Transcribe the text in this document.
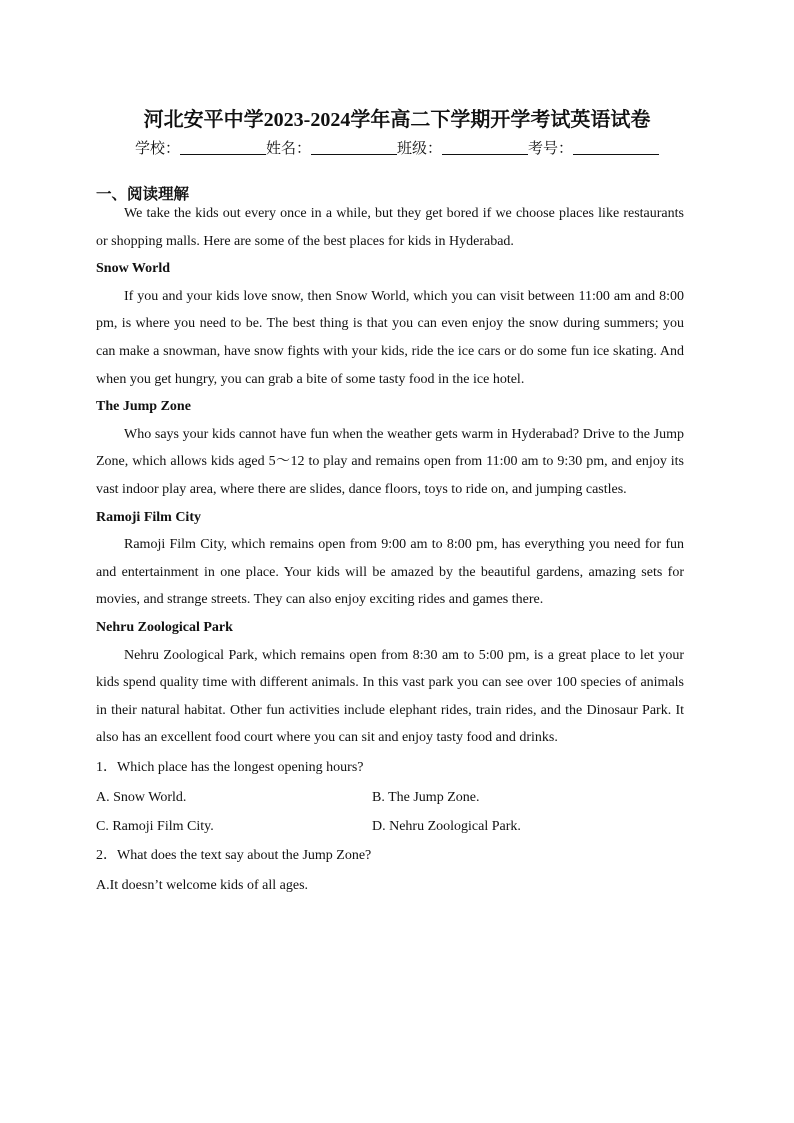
河北安平中学2023-2024学年高二下学期开学考试英语试卷
学校：	姓名：	班级：	考号：
一、阅读理解

We take the kids out every once in a while, but they get bored if we choose places like restaurants or shopping malls. Here are some of the best places for kids in Hyderabad.

Snow World

If you and your kids love snow, then Snow World, which you can visit between 11:00 am and 8:00 pm, is where you need to be. The best thing is that you can even enjoy the snow during summers; you can make a snowman, have snow fights with your kids, ride the ice cars or do some fun ice skating. And when you get hungry, you can grab a bite of some tasty food in the ice hotel.

The Jump Zone

Who says your kids cannot have fun when the weather gets warm in Hyderabad? Drive to the Jump Zone, which allows kids aged 5～12 to play and remains open from 11:00 am to 9:30 pm, and enjoy its vast indoor play area, where there are slides, dance floors, toys to ride on, and jumping castles.

Ramoji Film City

Ramoji Film City, which remains open from 9:00 am to 8:00 pm, has everything you need for fun and entertainment in one place. Your kids will be amazed by the beautiful gardens, amazing sets for movies, and strange streets. They can also enjoy exciting rides and games there.

Nehru Zoological Park

Nehru Zoological Park, which remains open from 8:30 am to 5:00 pm, is a great place to let your kids spend quality time with different animals. In this vast park you can see over 100 species of animals in their natural habitat. Other fun activities include elephant rides, train rides, and the Dinosaur Park. It also has an excellent food court where you can sit and enjoy tasty food and drinks.

1．Which place has the longest opening hours?

A. Snow World.	B. The Jump Zone.

C. Ramoji Film City.	D. Nehru Zoological Park.

2．What does the text say about the Jump Zone?

A.It doesn’t welcome kids of all ages.
